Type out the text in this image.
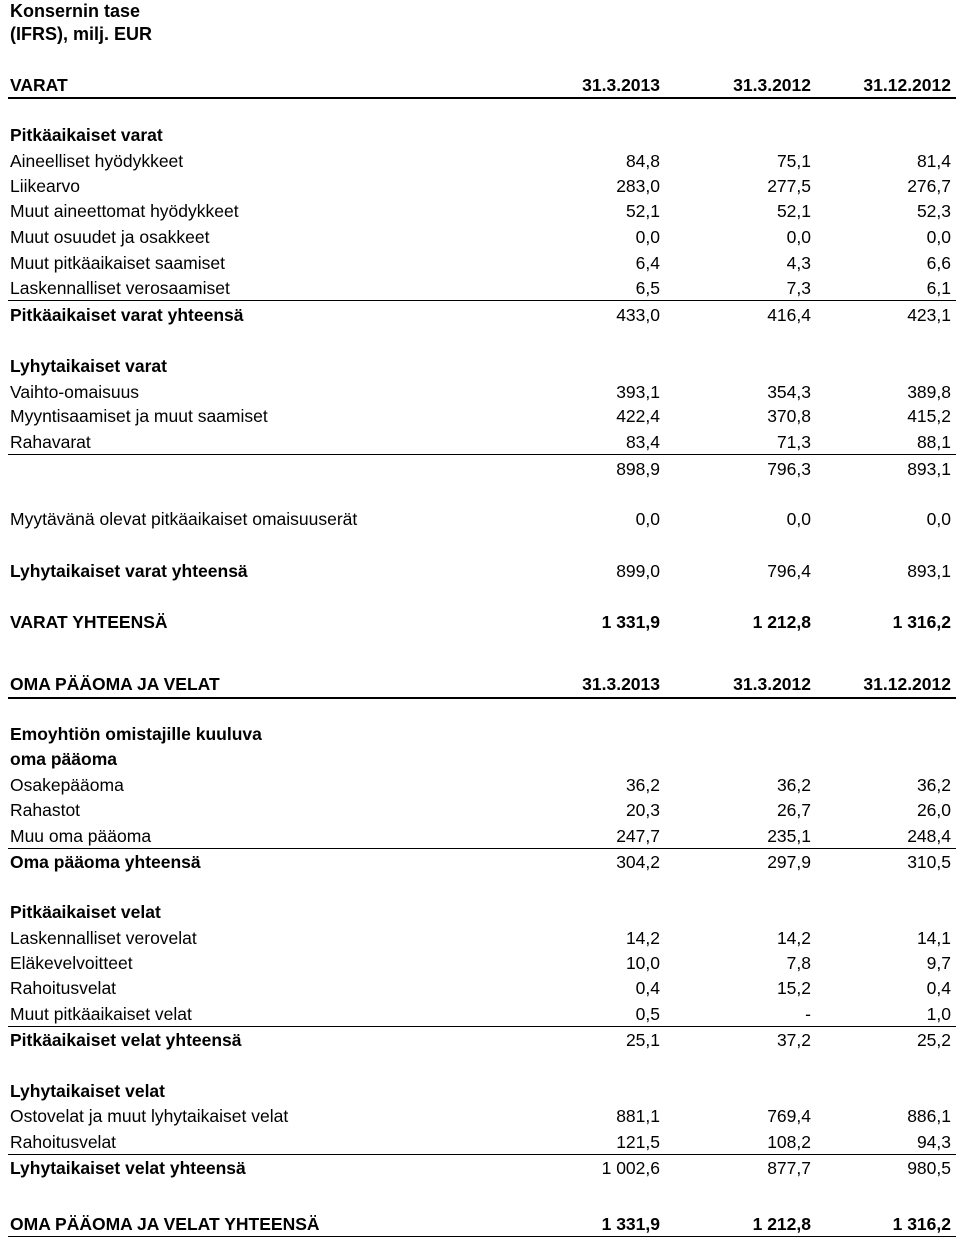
Konsernin tase
(IFRS), milj. EUR
VARAT	31.3.2013	31.3.2012	31.12.2012
Pitkäaikaiset varat
Aineelliset hyödykkeet	84,8	75,1	81,4
Liikearvo	283,0	277,5	276,7
Muut aineettomat hyödykkeet	52,1	52,1	52,3
Muut osuudet ja osakkeet	0,0	0,0	0,0
Muut pitkäaikaiset saamiset	6,4	4,3	6,6
Laskennalliset verosaamiset	6,5	7,3	6,1
Pitkäaikaiset varat yhteensä	433,0	416,4	423,1
Lyhytaikaiset varat
Vaihto-omaisuus	393,1	354,3	389,8
Myyntisaamiset ja muut saamiset	422,4	370,8	415,2
Rahavarat	83,4	71,3	88,1
898,9	796,3	893,1
Myytävänä olevat pitkäaikaiset omaisuuserät	0,0	0,0	0,0
Lyhytaikaiset varat yhteensä	899,0	796,4	893,1
VARAT YHTEENSÄ	1 331,9	1 212,8	1 316,2
OMA PÄÄOMA JA VELAT	31.3.2013	31.3.2012	31.12.2012
Emoyhtiön omistajille kuuluva
oma pääoma
Osakepääoma	36,2	36,2	36,2
Rahastot	20,3	26,7	26,0
Muu oma pääoma	247,7	235,1	248,4
Oma pääoma yhteensä	304,2	297,9	310,5
Pitkäaikaiset velat
Laskennalliset verovelat	14,2	14,2	14,1
Eläkevelvoitteet	10,0	7,8	9,7
Rahoitusvelat	0,4	15,2	0,4
Muut pitkäaikaiset velat	0,5	-	1,0
Pitkäaikaiset velat yhteensä	25,1	37,2	25,2
Lyhytaikaiset velat
Ostovelat ja muut lyhytaikaiset velat	881,1	769,4	886,1
Rahoitusvelat	121,5	108,2	94,3
Lyhytaikaiset velat yhteensä	1 002,6	877,7	980,5
OMA PÄÄOMA JA VELAT YHTEENSÄ	1 331,9	1 212,8	1 316,2
